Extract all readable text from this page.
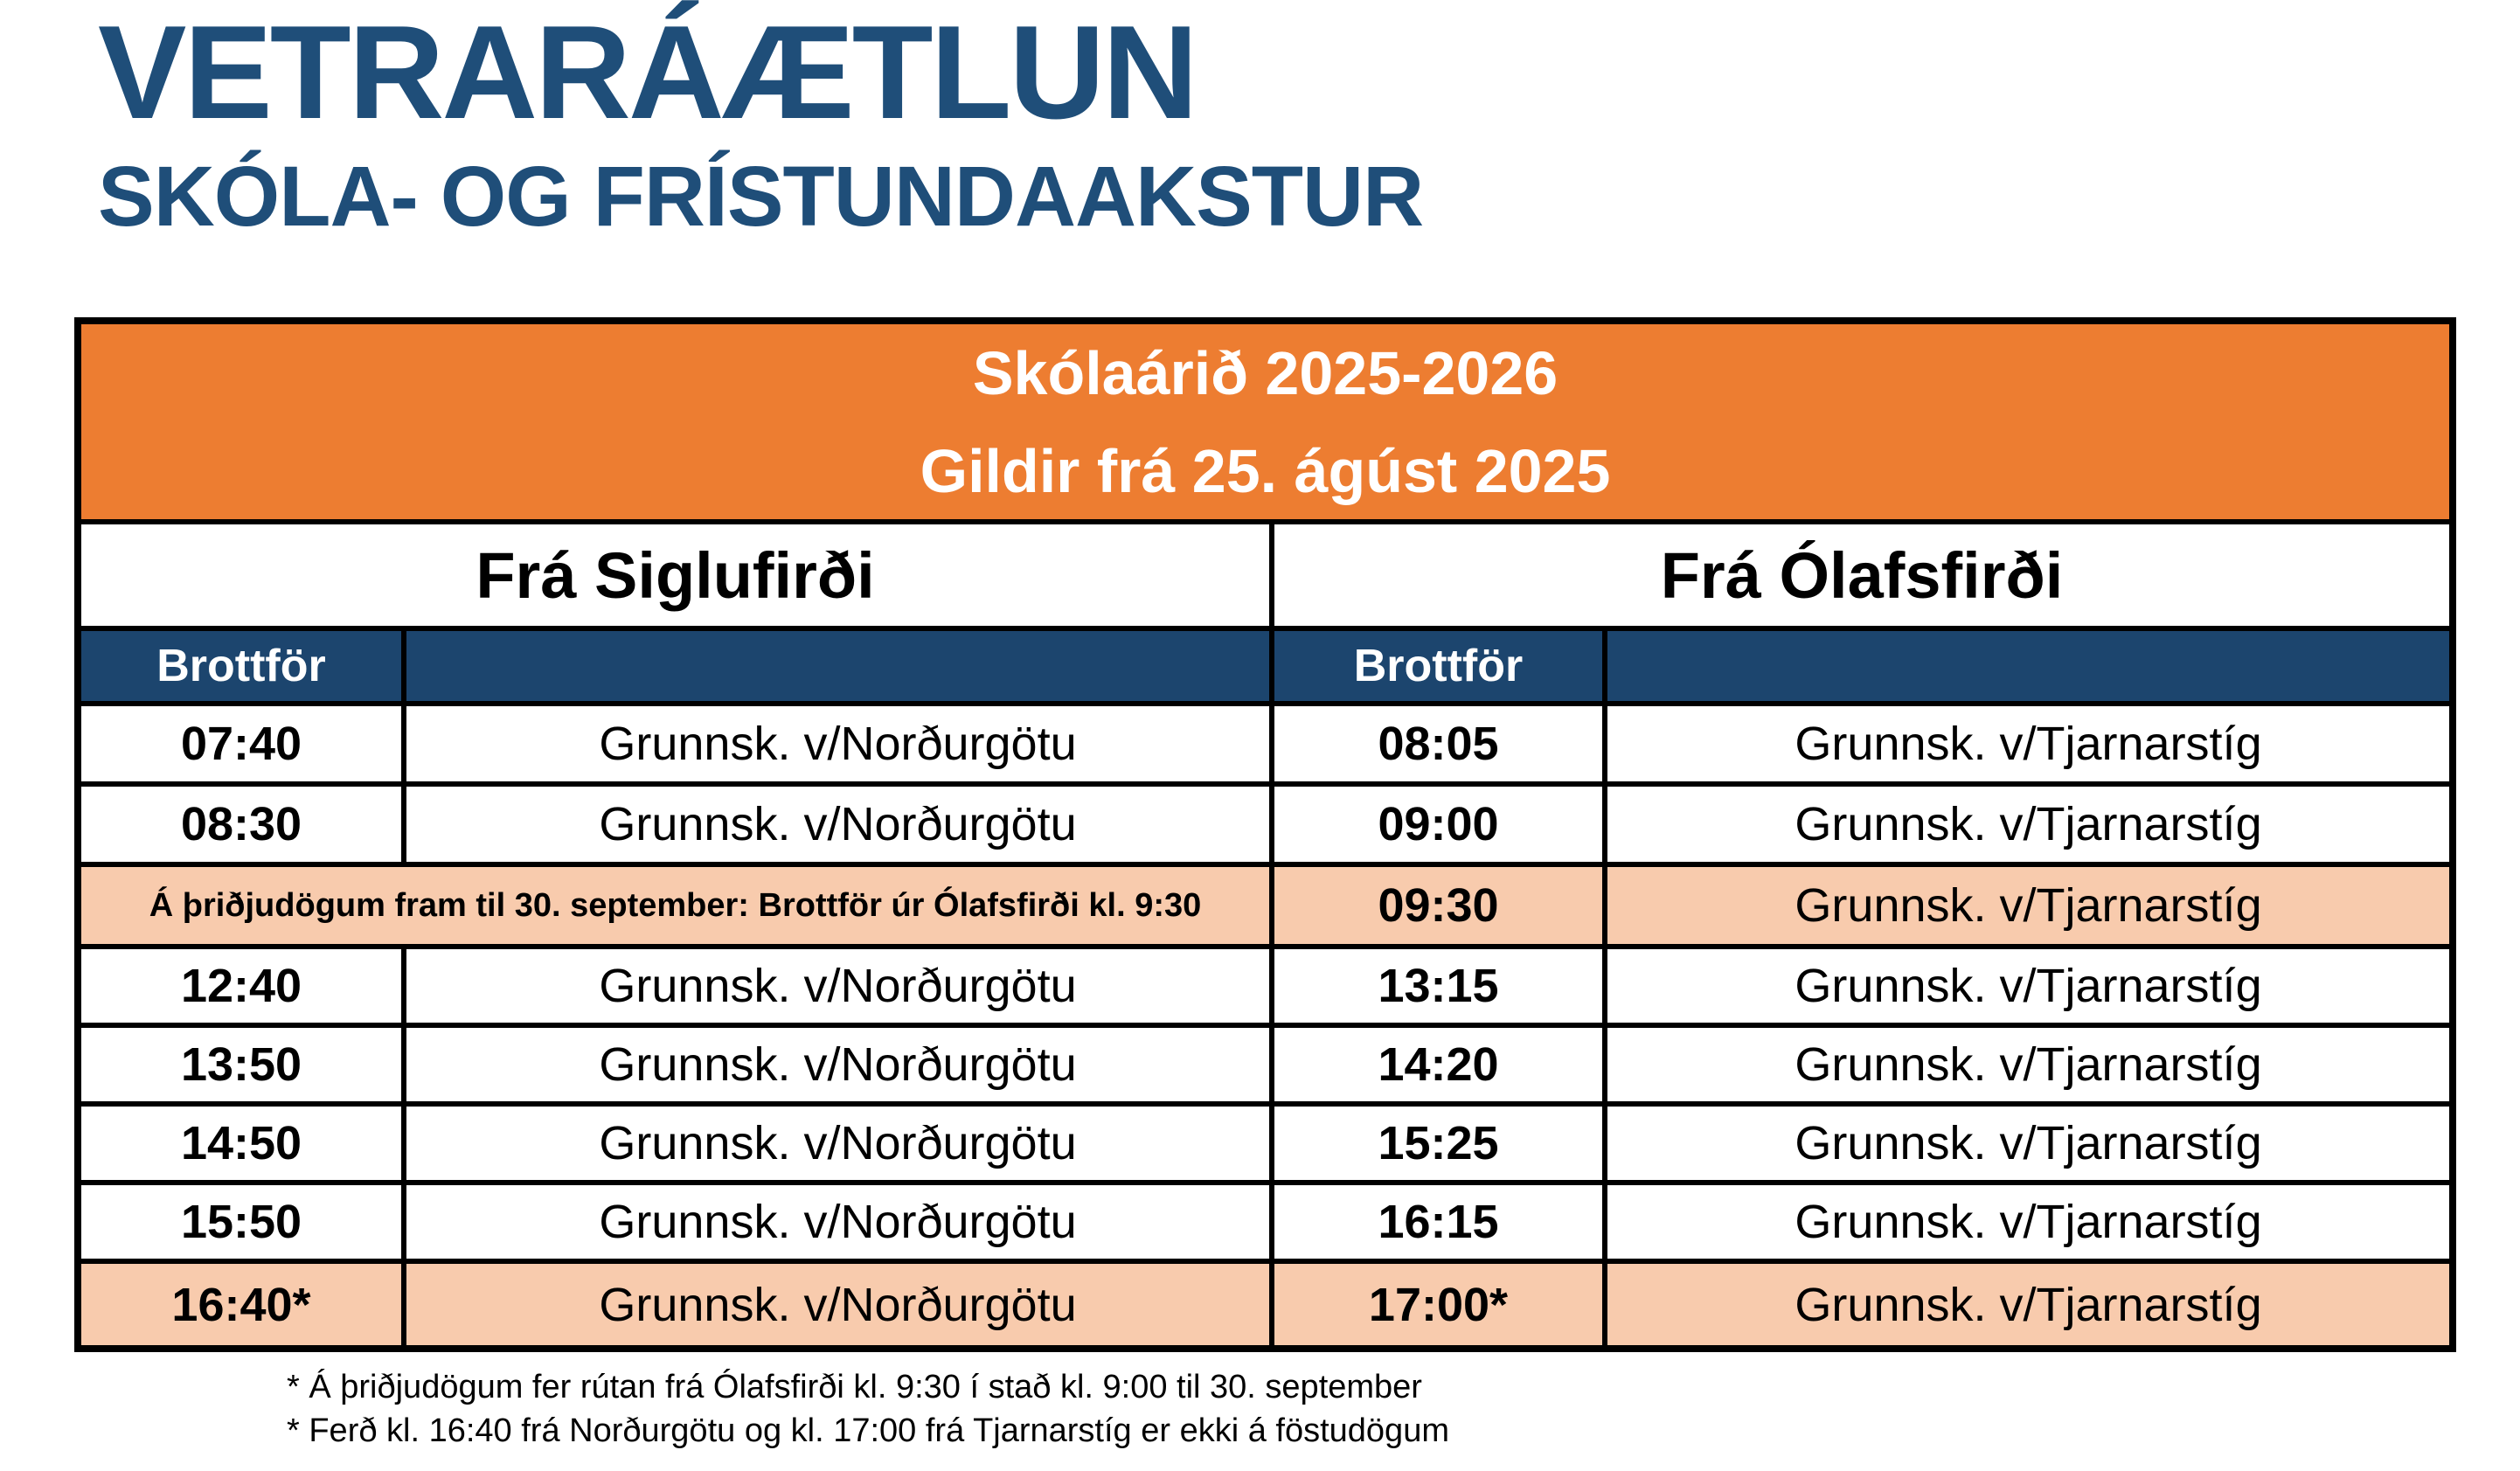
VETRARÁÆTLUN
SKÓLA- OG FRÍSTUNDAAKSTUR
Skólaárið 2025-2026
Gildir frá 25. ágúst 2025			

Frá Siglufirði		Frá Ólafsfirði	
Brottför		Brottför	
07:40	Grunnsk. v/Norðurgötu	08:05	Grunnsk. v/Tjarnarstíg
08:30	Grunnsk. v/Norðurgötu	09:00	Grunnsk. v/Tjarnarstíg
Á þriðjudögum fram til 30. september: Brottför úr Ólafsfirði kl. 9:30		09:30	Grunnsk. v/Tjarnarstíg
12:40	Grunnsk. v/Norðurgötu	13:15	Grunnsk. v/Tjarnarstíg
13:50	Grunnsk. v/Norðurgötu	14:20	Grunnsk. v/Tjarnarstíg
14:50	Grunnsk. v/Norðurgötu	15:25	Grunnsk. v/Tjarnarstíg
15:50	Grunnsk. v/Norðurgötu	16:15	Grunnsk. v/Tjarnarstíg
16:40*	Grunnsk. v/Norðurgötu	17:00*	Grunnsk. v/Tjarnarstíg
* Á þriðjudögum fer rútan frá Ólafsfirði kl. 9:30 í stað kl. 9:00 til 30. september
* Ferð kl. 16:40 frá Norðurgötu og kl. 17:00 frá Tjarnarstíg er ekki á föstudögum
